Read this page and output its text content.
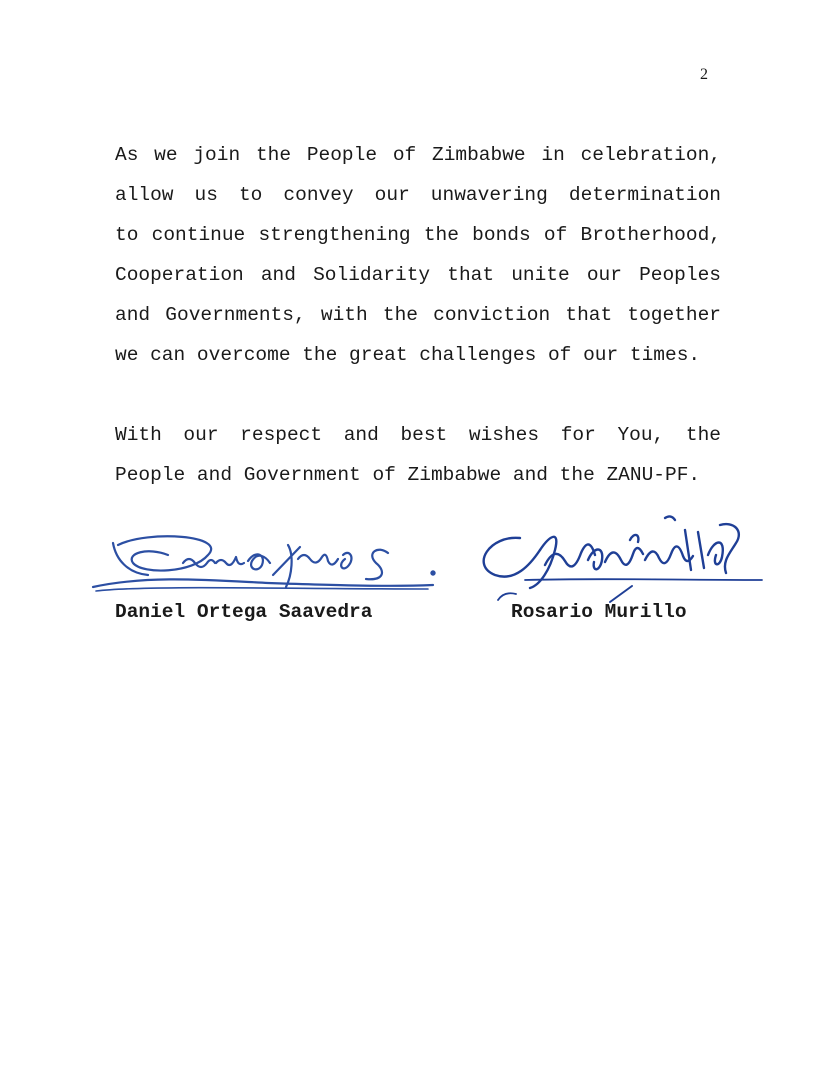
2
As we join the People of Zimbabwe in celebration,
allow us to convey our unwavering determination
to continue strengthening the bonds of Brotherhood,
Cooperation and Solidarity that unite our Peoples
and Governments, with the conviction that together
we can overcome the great challenges of our times.
With our respect and best wishes for You, the
People and Government of Zimbabwe and the ZANU-PF.
Daniel Ortega Saavedra	Rosario Murillo
